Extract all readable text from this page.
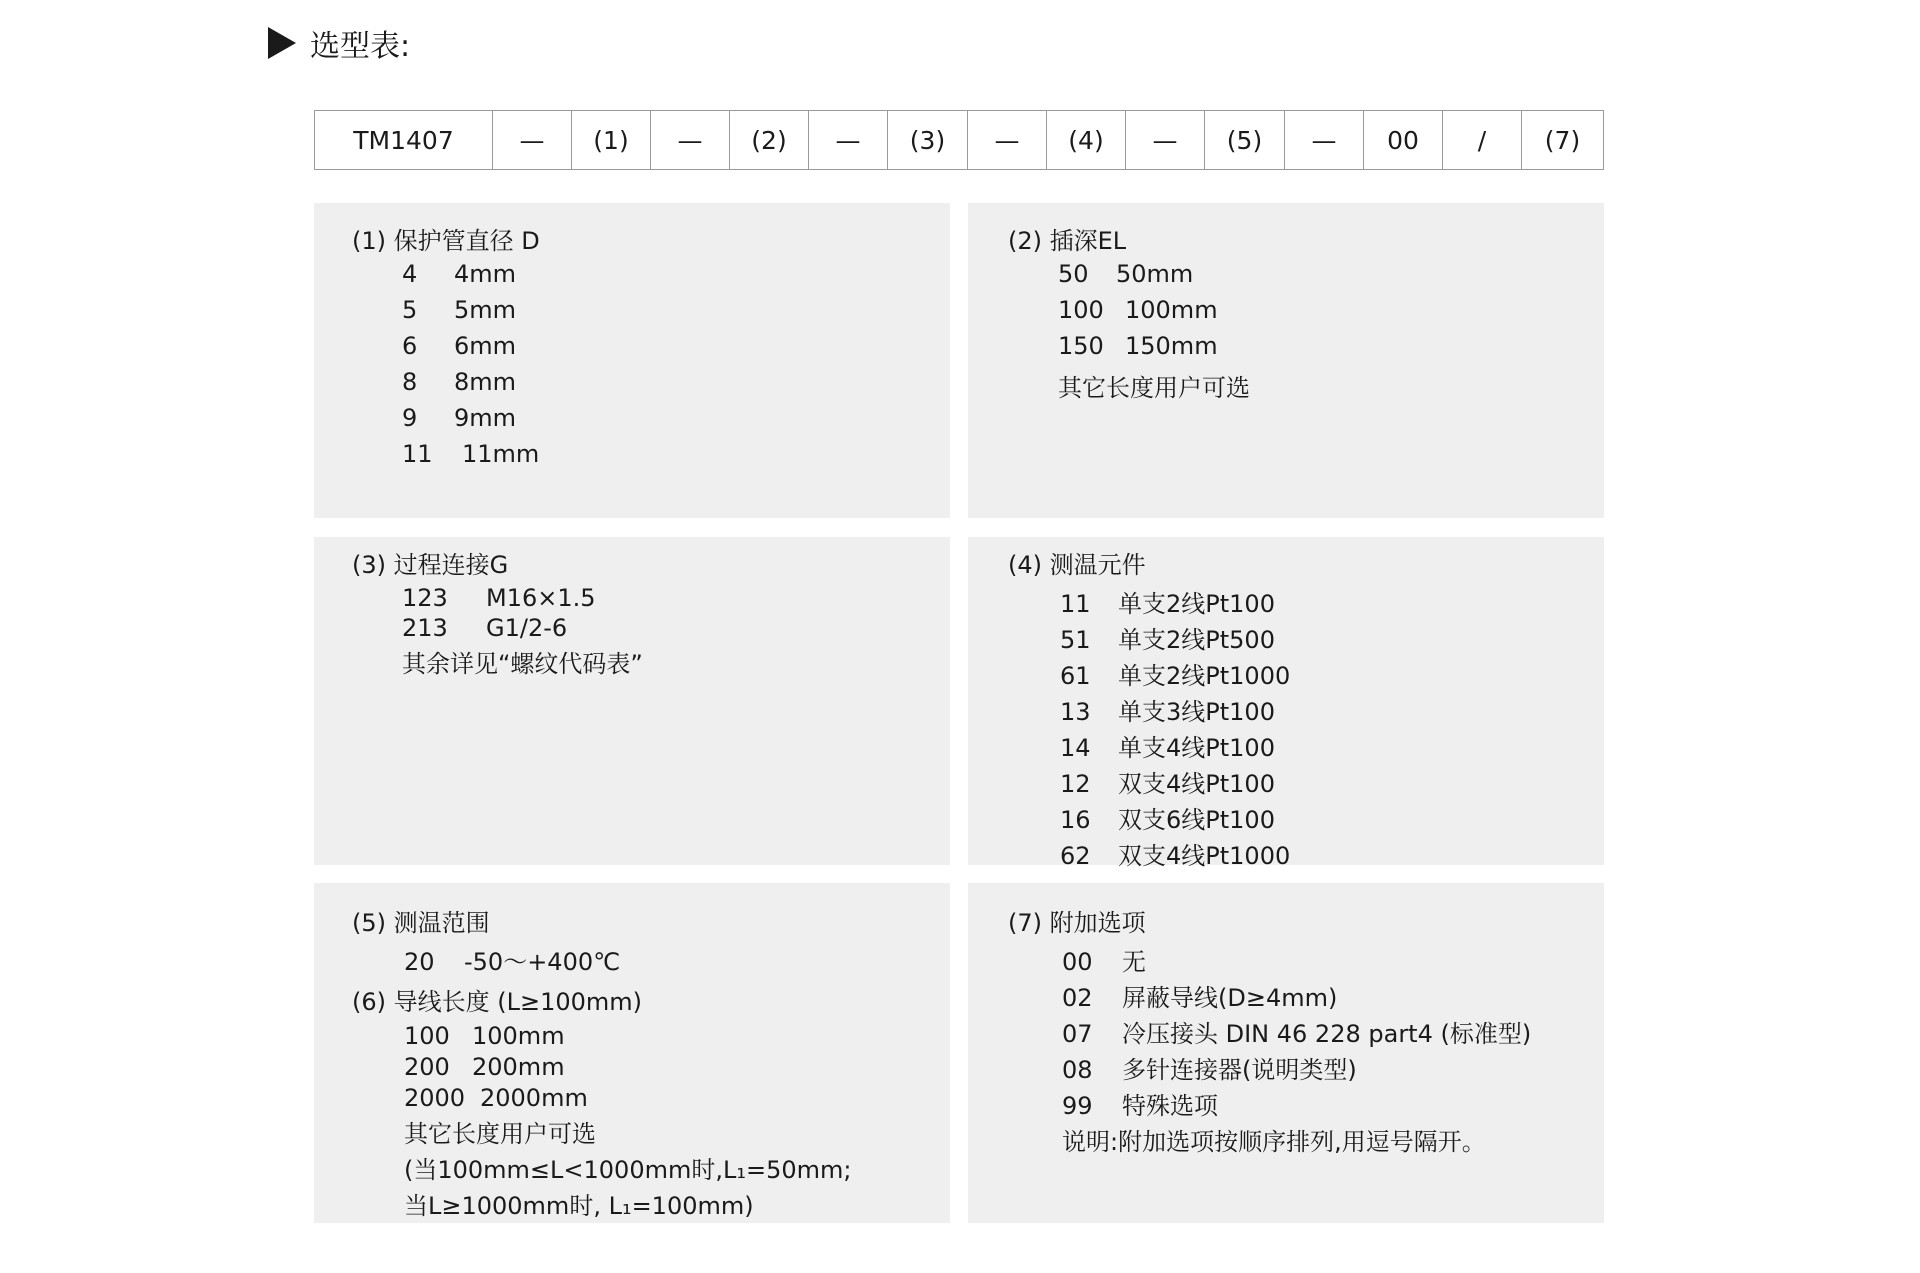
选型表:
TM1407	—	(1)	—	(2)	—	(3)	—	(4)	—	(5)	—	00	/	(7)
(1) 保护管直径 D
4 4mm
5 5mm
6 6mm
8 8mm
9 9mm
11 11mm
(2) 插深EL
50 50mm
100 100mm
150 150mm
其它长度用户可选
(3) 过程连接G
123 M16×1.5
213 G1/2-6
其余详见“螺纹代码表”
(4) 测温元件
11 单支2线Pt100
51 单支2线Pt500
61 单支2线Pt1000
13 单支3线Pt100
14 单支4线Pt100
12 双支4线Pt100
16 双支6线Pt100
62 双支4线Pt1000
(5) 测温范围
20 -50～+400℃
(6) 导线长度 (L≥100mm)
100 100mm
200 200mm
2000 2000mm
其它长度用户可选
(当100mm≤L<1000mm时,L₁=50mm;
当L≥1000mm时, L₁=100mm)
(7) 附加选项
00 无
02 屏蔽导线(D≥4mm)
07 冷压接头 DIN 46 228 part4 (标准型)
08 多针连接器(说明类型)
99 特殊选项
说明:附加选项按顺序排列,用逗号隔开。
